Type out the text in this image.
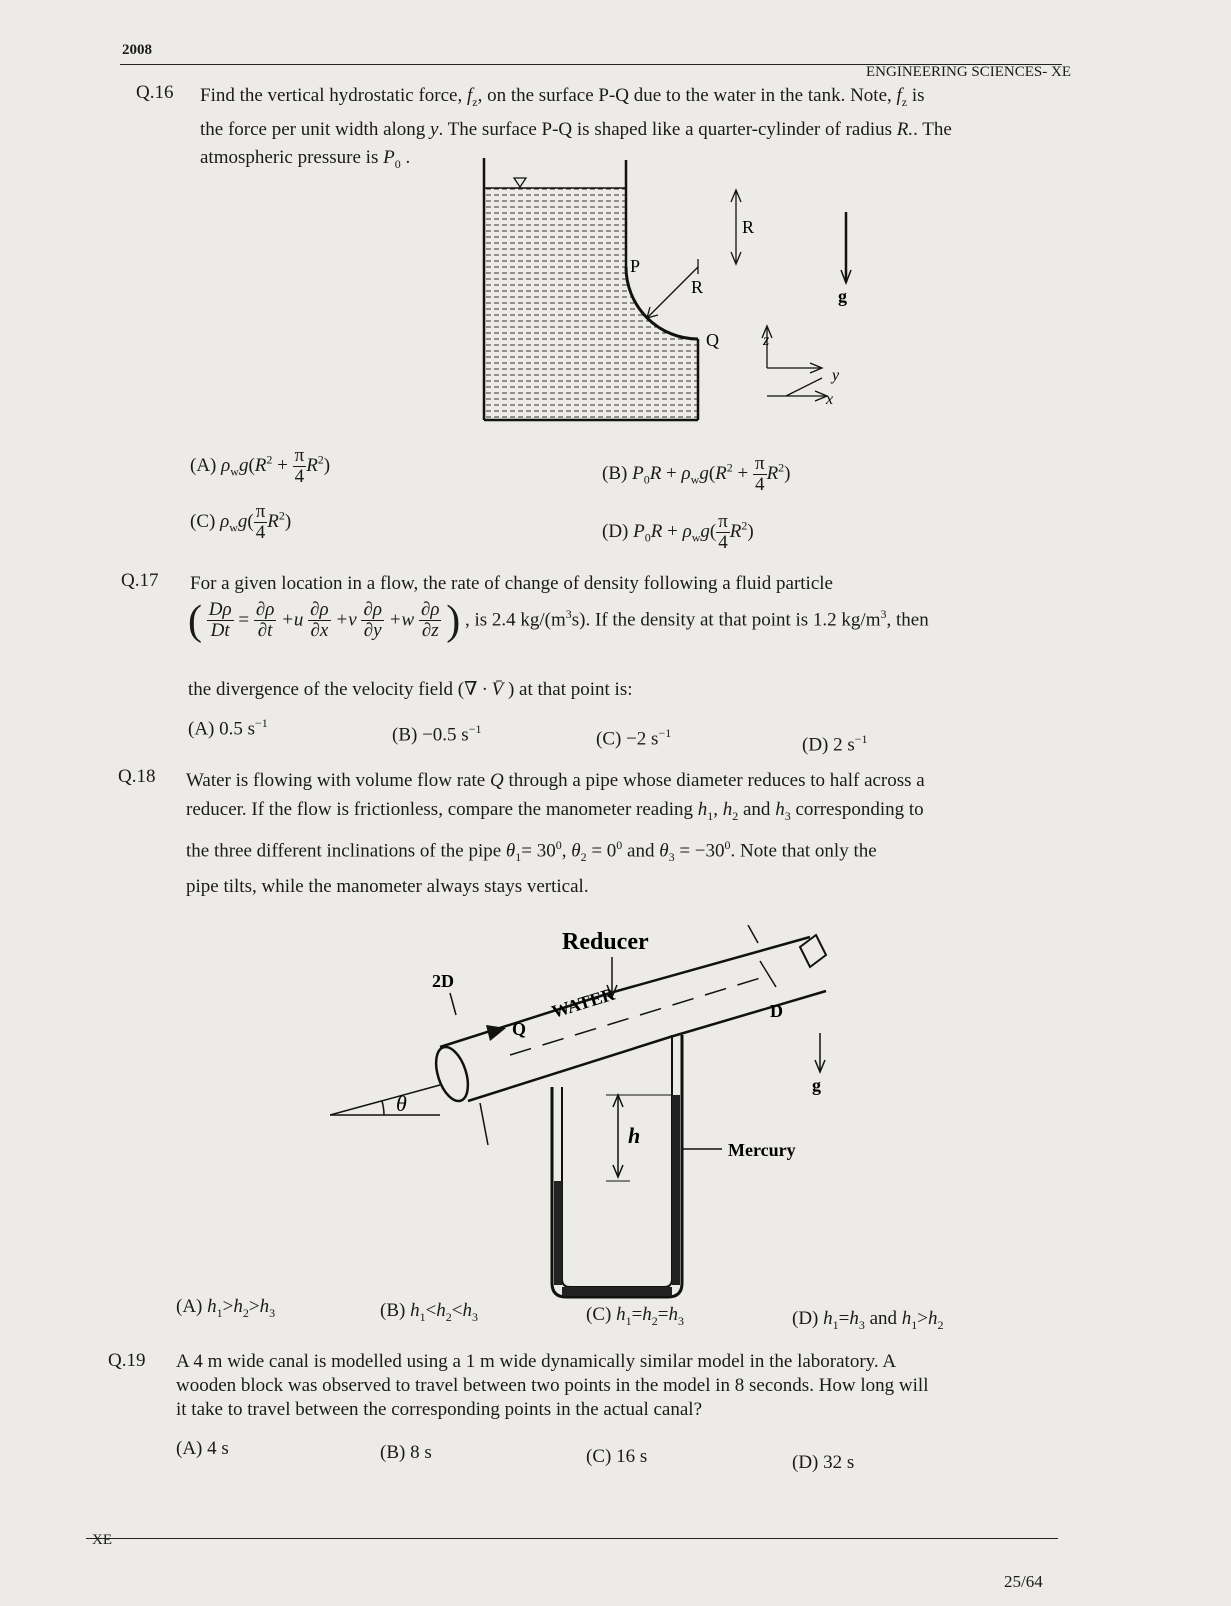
2008
ENGINEERING SCIENCES- XE
Q.16 Find the vertical hydrostatic force, $f_z$, on the surface P-Q due to the water in the tank. Note, $f_z$ is
the force per unit width along y. The surface P-Q is shaped like a quarter-cylinder of radius R.. The
atmospheric pressure is $P_0$ .
R
R
P
Q
g
z
x
y
(A) $\rho_wg(R^2 + \frac{\pi}{4} R^2)$	(B) $P_0R + \rho_wg(R^2 + \frac{\pi}{4} R^2)$
(C) $\rho_wg( \frac{\pi}{4} R^2)$	(D) $P_0R + \rho_wg( \frac{\pi}{4} R^2)$
Q.17 For a given location in a flow, the rate of change of density following a fluid particle
( $\frac{D\rho}{Dt} = \frac{\partial\rho}{\partial t} +u \frac{\partial\rho}{\partial x} +v \frac{\partial\rho}{\partial y} +w \frac{\partial\rho}{\partial z}$ ) , is 2.4 $kg/(m^3s)$. If the density at that point is 1.2 $kg/m^3$, then
the divergence of the velocity field (∇ · V̄ ) at that point is:
(A) 0.5 $s^{-1}$
(B) −0.5 $s^{-1}$	(C) −2 $s^{-1}$
(D) 2 $s^{-1}$
Q.18 Water is flowing with volume flow rate Q through a pipe whose diameter reduces to half across a
reducer. If the flow is frictionless, compare the manometer reading $h_1$, $h_2$ and $h_3$ corresponding to
the three different inclinations of the pipe $\theta_1= 30^0$, $\theta_2 = 0^0$ and $\theta_3 = -30^0$. Note that only the
pipe tilts, while the manometer always stays vertical.
Reducer
WATER
2D
Q
D
g
θ
h
Mercury
(A) $h_1>h_2>h_3$	(B) $h_1<h_2<h_3$	(C) $h_1=h_2=h_3$	(D) $h_1=h_3$ and $h_1>h_2$
Q.19 A 4 m wide canal is modelled using a 1 m wide dynamically similar model in the laboratory. A
wooden block was observed to travel between two points in the model in 8 seconds. How long will
it take to travel between the corresponding points in the actual canal?
(A) 4 s	(B) 8 s	(C) 16 s	(D) 32 s
XE
25/64
